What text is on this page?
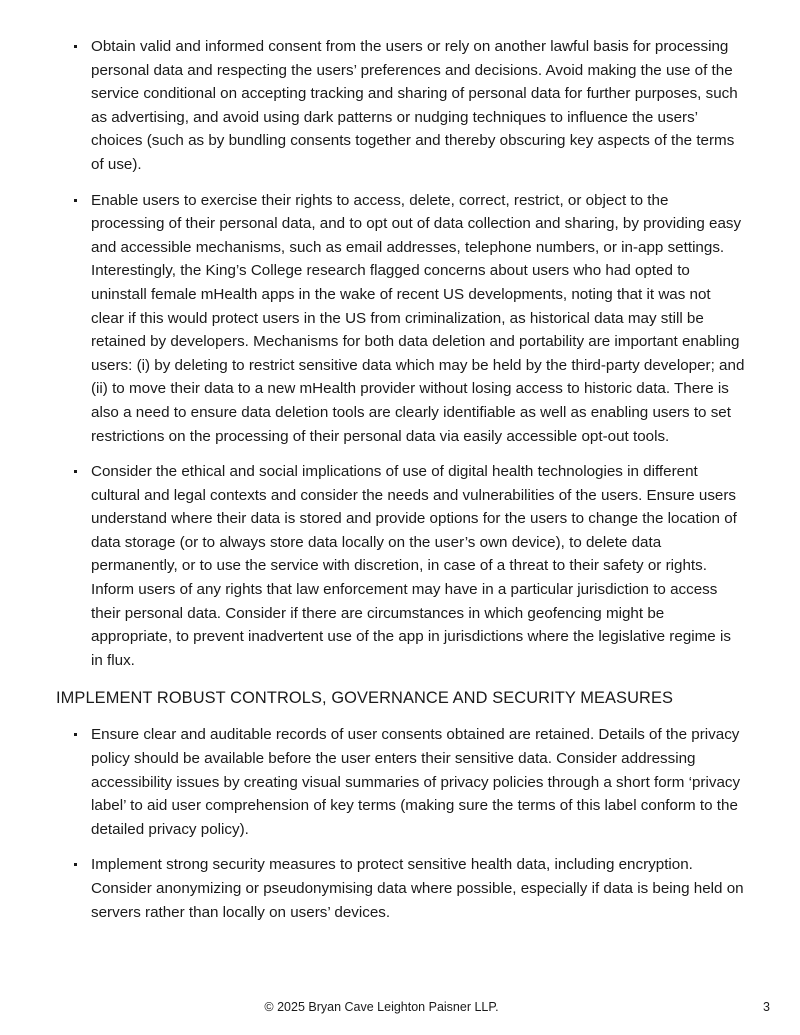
Obtain valid and informed consent from the users or rely on another lawful basis for processing personal data and respecting the users’ preferences and decisions. Avoid making the use of the service conditional on accepting tracking and sharing of personal data for further purposes, such as advertising, and avoid using dark patterns or nudging techniques to influence the users’ choices (such as by bundling consents together and thereby obscuring key aspects of the terms of use).
Enable users to exercise their rights to access, delete, correct, restrict, or object to the processing of their personal data, and to opt out of data collection and sharing, by providing easy and accessible mechanisms, such as email addresses, telephone numbers, or in-app settings. Interestingly, the King’s College research flagged concerns about users who had opted to uninstall female mHealth apps in the wake of recent US developments, noting that it was not clear if this would protect users in the US from criminalization, as historical data may still be retained by developers. Mechanisms for both data deletion and portability are important enabling users: (i) by deleting to restrict sensitive data which may be held by the third-party developer; and (ii) to move their data to a new mHealth provider without losing access to historic data. There is also a need to ensure data deletion tools are clearly identifiable as well as enabling users to set restrictions on the processing of their personal data via easily accessible opt-out tools.
Consider the ethical and social implications of use of digital health technologies in different cultural and legal contexts and consider the needs and vulnerabilities of the users. Ensure users understand where their data is stored and provide options for the users to change the location of data storage (or to always store data locally on the user’s own device), to delete data permanently, or to use the service with discretion, in case of a threat to their safety or rights. Inform users of any rights that law enforcement may have in a particular jurisdiction to access their personal data. Consider if there are circumstances in which geofencing might be appropriate, to prevent inadvertent use of the app in jurisdictions where the legislative regime is in flux.
IMPLEMENT ROBUST CONTROLS, GOVERNANCE AND SECURITY MEASURES
Ensure clear and auditable records of user consents obtained are retained. Details of the privacy policy should be available before the user enters their sensitive data. Consider addressing accessibility issues by creating visual summaries of privacy policies through a short form ‘privacy label’ to aid user comprehension of key terms (making sure the terms of this label conform to the detailed privacy policy).
Implement strong security measures to protect sensitive health data, including encryption. Consider anonymizing or pseudonymising data where possible, especially if data is being held on servers rather than locally on users’ devices.
© 2025 Bryan Cave Leighton Paisner LLP.	3
